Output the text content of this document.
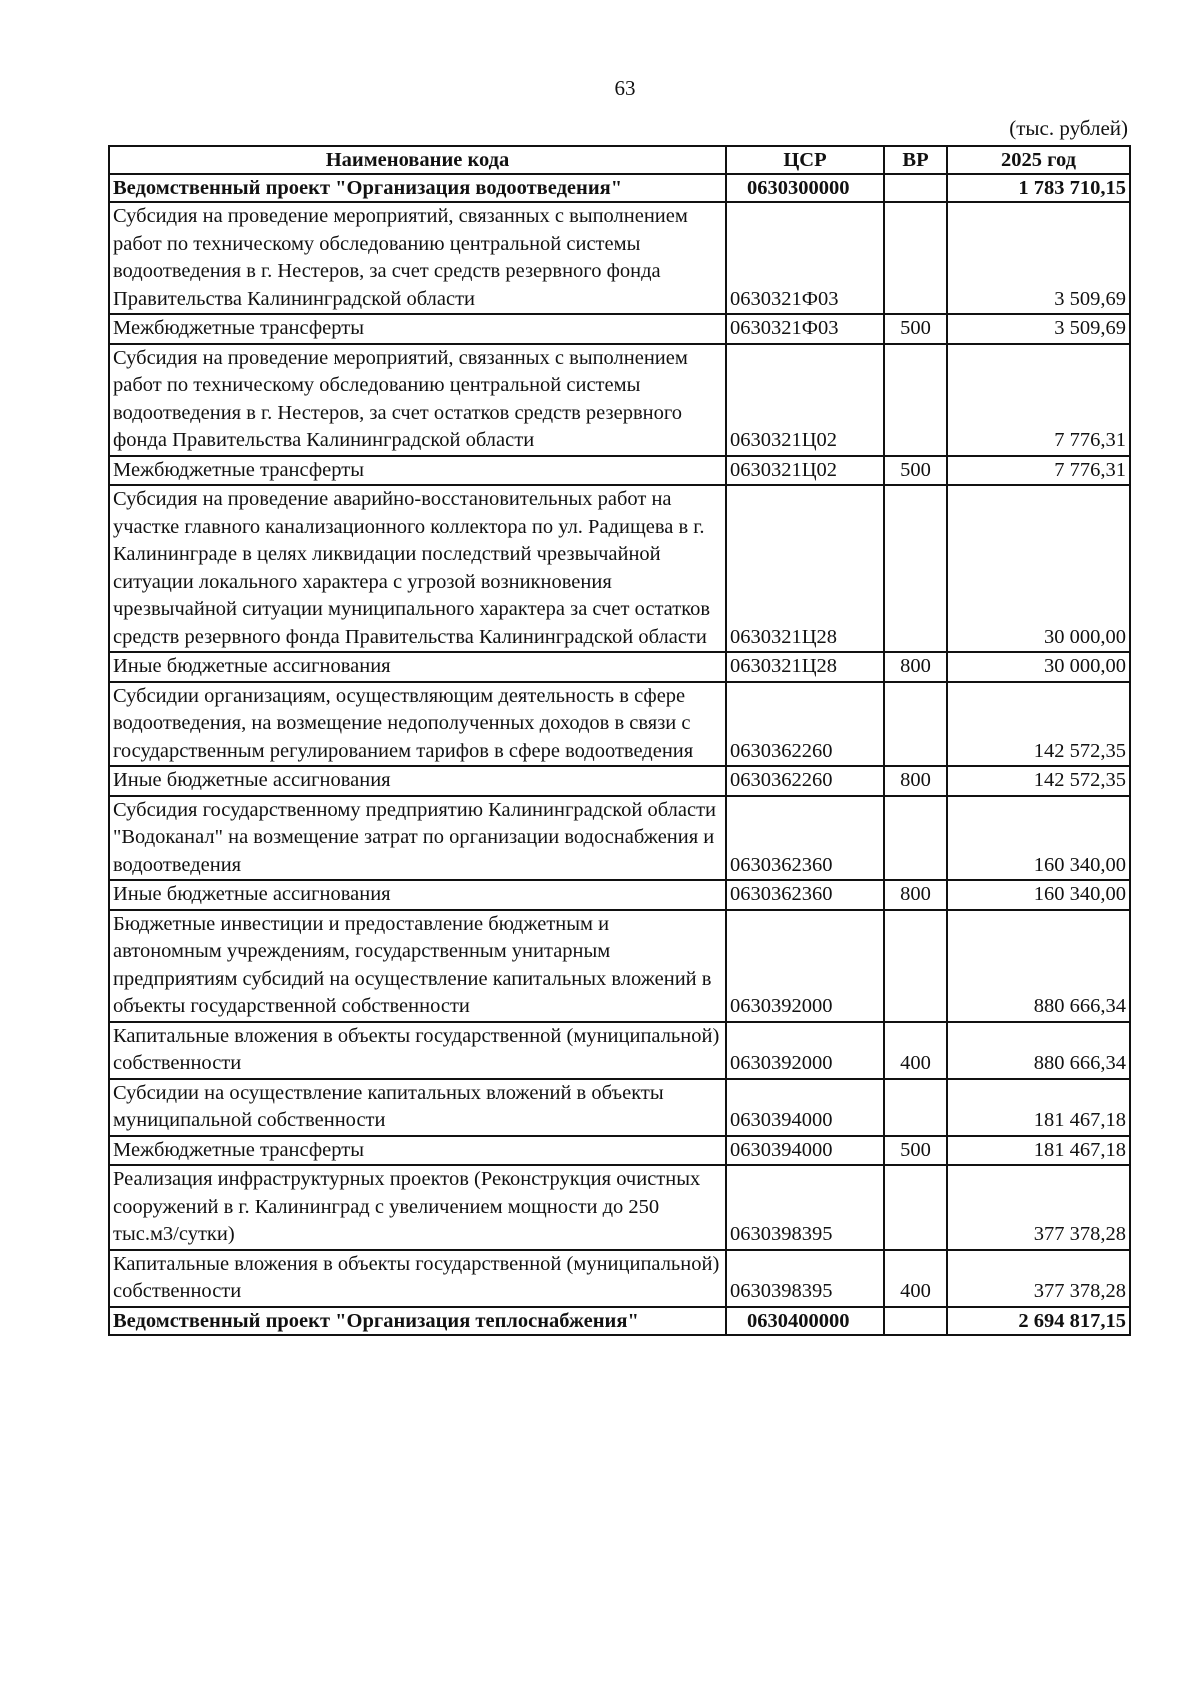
63
(тыс. рублей)
Наименование кода	ЦСР	ВР	2025 год
Ведомственный проект "Организация водоотведения"	0630300000		1 783 710,15
Субсидия на проведение мероприятий, связанных с выполнением работ по техническому обследованию центральной системы водоотведения в г. Нестеров, за счет средств резервного фонда Правительства Калининградской области	0630321Ф03		3 509,69
Межбюджетные трансферты	0630321Ф03	500	3 509,69
Субсидия на проведение мероприятий, связанных с выполнением работ по техническому обследованию центральной системы водоотведения в г. Нестеров, за счет остатков средств резервного фонда Правительства Калининградской области	0630321Ц02		7 776,31
Межбюджетные трансферты	0630321Ц02	500	7 776,31
Субсидия на проведение аварийно-восстановительных работ на участке главного канализационного коллектора по ул. Радищева в г. Калининграде в целях ликвидации последствий чрезвычайной ситуации локального характера с угрозой возникновения чрезвычайной ситуации муниципального характера за счет остатков средств резервного фонда Правительства Калининградской области	0630321Ц28		30 000,00
Иные бюджетные ассигнования	0630321Ц28	800	30 000,00
Субсидии организациям, осуществляющим деятельность в сфере водоотведения, на возмещение недополученных доходов в связи с государственным регулированием тарифов в сфере водоотведения	0630362260		142 572,35
Иные бюджетные ассигнования	0630362260	800	142 572,35
Субсидия государственному предприятию Калининградской области "Водоканал" на возмещение затрат по организации водоснабжения и водоотведения	0630362360		160 340,00
Иные бюджетные ассигнования	0630362360	800	160 340,00
Бюджетные инвестиции и предоставление бюджетным и автономным учреждениям, государственным унитарным предприятиям субсидий на осуществление капитальных вложений в объекты государственной собственности	0630392000		880 666,34
Капитальные вложения в объекты государственной (муниципальной) собственности	0630392000	400	880 666,34
Субсидии на осуществление капитальных вложений в объекты муниципальной собственности	0630394000		181 467,18
Межбюджетные трансферты	0630394000	500	181 467,18
Реализация инфраструктурных проектов (Реконструкция очистных сооружений в г. Калининград с увеличением мощности до 250 тыс.м3/сутки)	0630398395		377 378,28
Капитальные вложения в объекты государственной (муниципальной) собственности	0630398395	400	377 378,28
Ведомственный проект "Организация теплоснабжения"	0630400000		2 694 817,15
